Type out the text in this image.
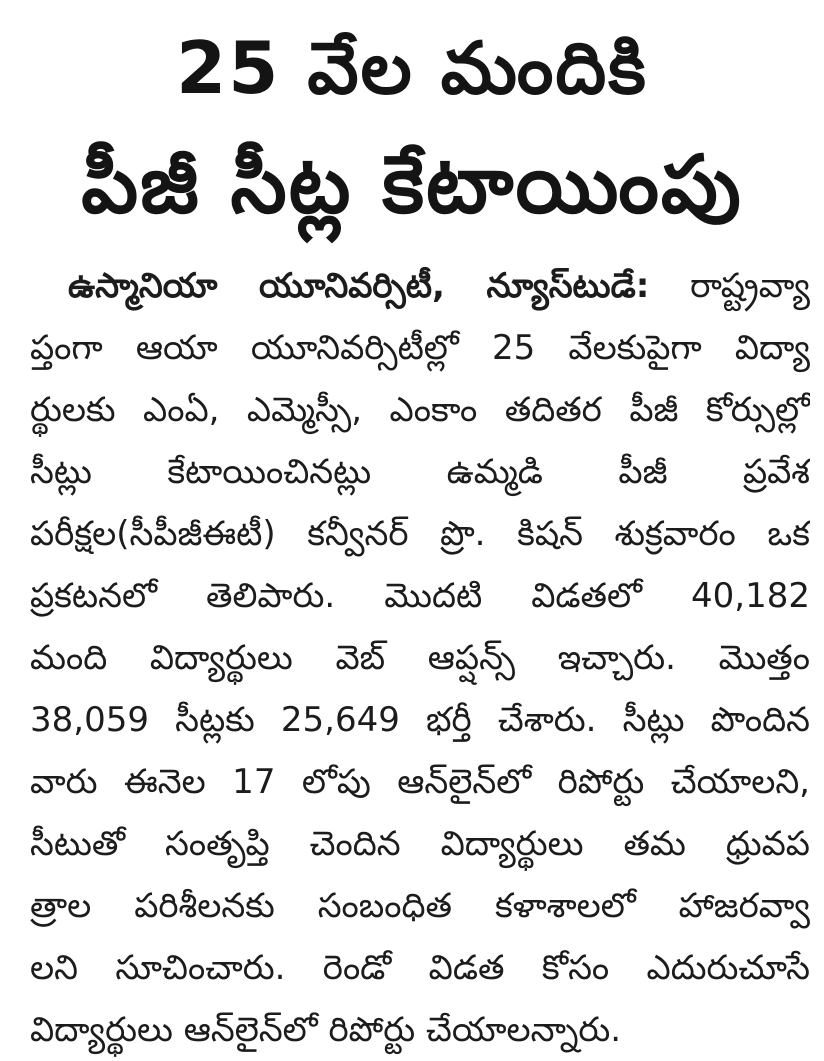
25 వేల మందికి
పీజీ సీట్ల కేటాయింపు
ఉస్మానియా యూనివర్సిటీ, న్యూస్‌టుడే: రాష్ట్రవ్యా
ప్తంగా ఆయా యూనివర్సిటీల్లో 25 వేలకుపైగా విద్యా
ర్థులకు ఎంఏ, ఎమ్మెస్సీ, ఎంకాం తదితర పీజీ కోర్సుల్లో
సీట్లు కేటాయించినట్లు ఉమ్మడి పీజీ ప్రవేశ
పరీక్షల(సీపీజీఈటీ) కన్వీనర్ ప్రొ. కిషన్ శుక్రవారం ఒక
ప్రకటనలో తెలిపారు. మొదటి విడతలో 40,182
మంది విద్యార్థులు వెబ్ ఆప్షన్స్ ఇచ్చారు. మొత్తం
38,059 సీట్లకు 25,649 భర్తీ చేశారు. సీట్లు పొందిన
వారు ఈనెల 17 లోపు ఆన్‌లైన్‌లో రిపోర్టు చేయాలని,
సీటుతో సంతృప్తి చెందిన విద్యార్థులు తమ ధ్రువప
త్రాల పరిశీలనకు సంబంధిత కళాశాలలో హాజరవ్వా
లని సూచించారు. రెండో విడత కోసం ఎదురుచూసే
విద్యార్థులు ఆన్‌లైన్‌లో రిపోర్టు చేయాలన్నారు.
